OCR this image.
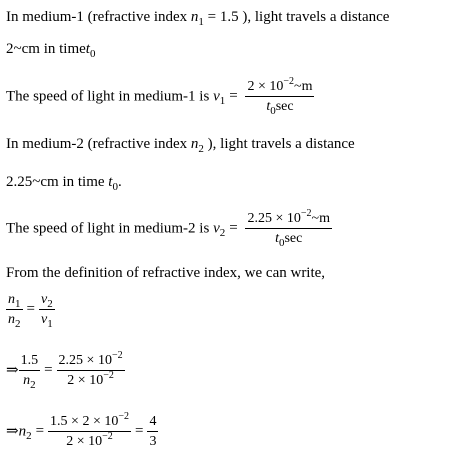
In medium-1 (refractive index $n_1 = 1.5$ ), light travels a distance
2~cm in timet$_0$
The speed of light in medium-1 is $v_1 = \frac{2 \times 10^{-2}\sim m}{t_0\sec}$
In medium-2 (refractive index $n_2$ ), light travels a distance
2.25~cm in time $t_0$.
The speed of light in medium-2 is $v_2 = \frac{2.25 \times 10^{-2}\sim m}{t_0\sec}$
From the definition of refractive index, we can write,
$\frac{n_1}{n_2} = \frac{v_2}{v_1}$
⇒ $\frac{1.5}{n_2} = \frac{2.25 \times 10^{-2}}{2 \times 10^{-2}}$
$\Rightarrow n_2 = \frac{1.5 \times 2 \times 10^{-2}}{2 \times 10^{-2}} = \frac{4}{3}$
